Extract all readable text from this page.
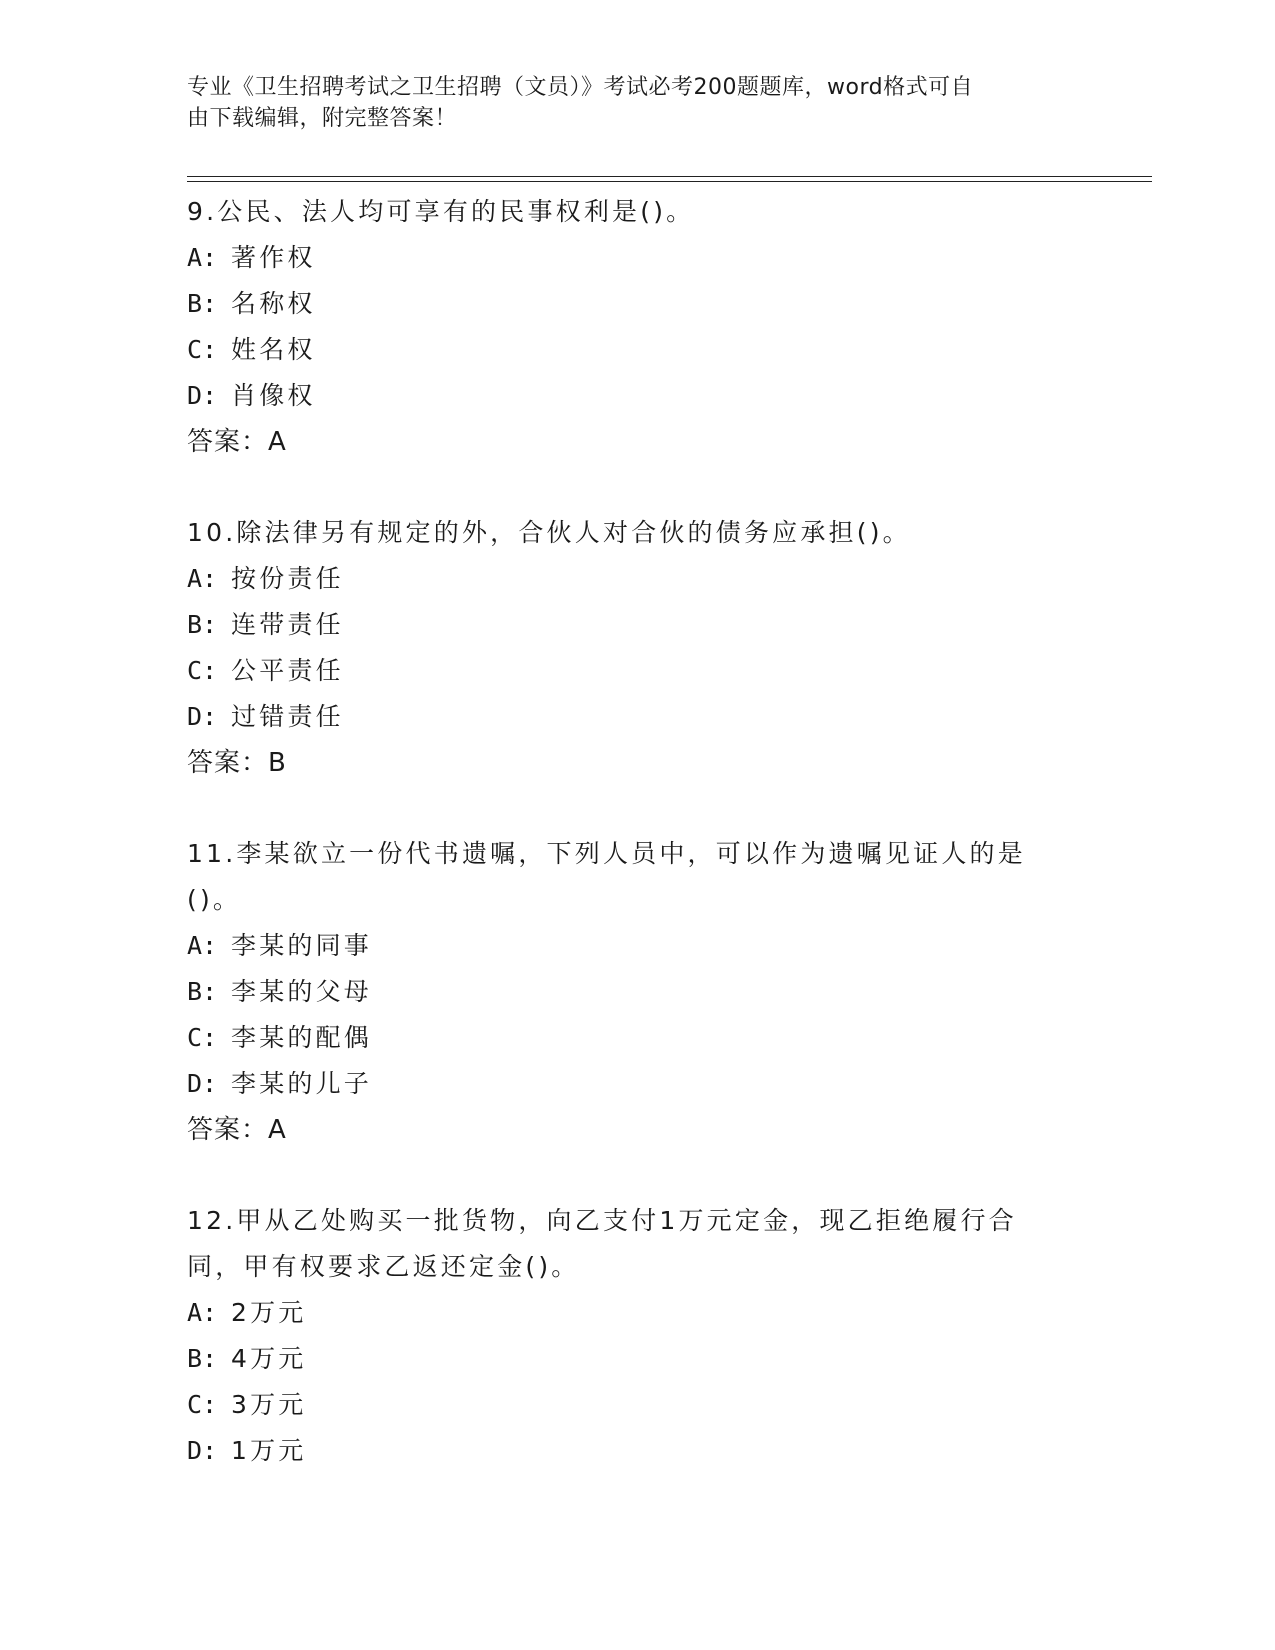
专业《卫生招聘考试之卫生招聘（文员）》考试必考200题题库，word格式可自
由下载编辑，附完整答案！
9.公民、法人均可享有的民事权利是()。
A: 著作权
B: 名称权
C: 姓名权
D: 肖像权
答案：A
10.除法律另有规定的外，合伙人对合伙的债务应承担()。
A: 按份责任
B: 连带责任
C: 公平责任
D: 过错责任
答案：B
11.李某欲立一份代书遗嘱，下列人员中，可以作为遗嘱见证人的是()。
A: 李某的同事
B: 李某的父母
C: 李某的配偶
D: 李某的儿子
答案：A
12.甲从乙处购买一批货物，向乙支付1万元定金，现乙拒绝履行合同，甲有权要求乙返还定金()。
A: 2万元
B: 4万元
C: 3万元
D: 1万元
